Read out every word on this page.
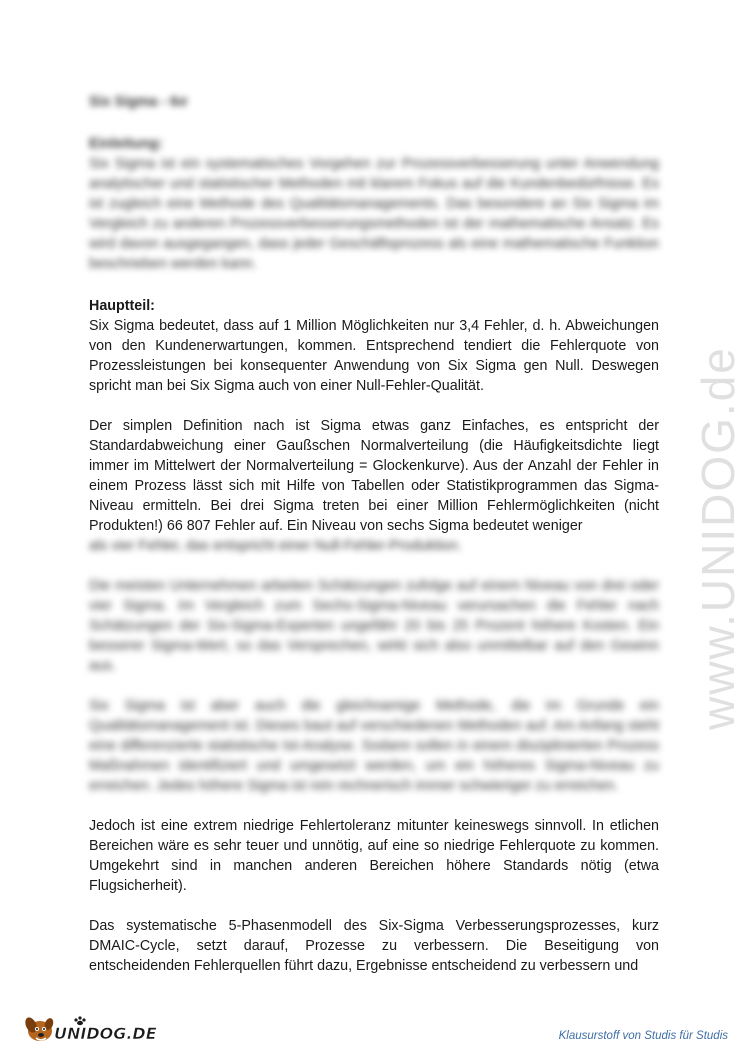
Six Sigma - 6σ

Einleitung:

Six Sigma ist ein systematisches Vorgehen zur Prozessverbesserung unter Anwendung analytischer und statistischer Methoden mit klarem Fokus auf die Kundenbedürfnisse. Es ist zugleich eine Methode des Qualitätsmanagements. Das besondere an Six Sigma im Vergleich zu anderen Prozessverbesserungsmethoden ist der mathematische Ansatz. Es wird davon ausgegangen, dass jeder Geschäftsprozess als eine mathematische Funktion beschrieben werden kann.

Hauptteil:

Six Sigma bedeutet, dass auf 1 Million Möglichkeiten nur 3,4 Fehler, d. h. Abweichungen von den Kundenerwartungen, kommen. Entsprechend tendiert die Fehlerquote von Prozessleistungen bei konsequenter Anwendung von Six Sigma gen Null. Deswegen spricht man bei Six Sigma auch von einer Null-Fehler-Qualität.

Der simplen Definition nach ist Sigma etwas ganz Einfaches, es entspricht der Standardabweichung einer Gaußschen Normalverteilung (die Häufigkeitsdichte liegt immer im Mittelwert der Normalverteilung = Glockenkurve). Aus der Anzahl der Fehler in einem Prozess lässt sich mit Hilfe von Tabellen oder Statistikprogrammen das Sigma-Niveau ermitteln. Bei drei Sigma treten bei einer Million Fehlermöglichkeiten (nicht Produkten!) 66 807 Fehler auf. Ein Niveau von sechs Sigma bedeutet weniger

als vier Fehler, das entspricht einer Null-Fehler-Produktion.

Die meisten Unternehmen arbeiten Schätzungen zufolge auf einem Niveau von drei oder vier Sigma. Im Vergleich zum Sechs-Sigma-Niveau verursachen die Fehler nach Schätzungen der Six-Sigma-Experten ungefähr 20 bis 25 Prozent höhere Kosten. Ein besserer Sigma-Wert, so das Versprechen, wirkt sich also unmittelbar auf den Gewinn aus.

Six Sigma ist aber auch die gleichnamige Methode, die im Grunde ein Qualitätsmanagement ist. Dieses baut auf verschiedenen Methoden auf. Am Anfang steht eine differenzierte statistische Ist-Analyse. Sodann sollen in einem disziplinierten Prozess Maßnahmen identifiziert und umgesetzt werden, um ein höheres Sigma-Niveau zu erreichen. Jedes höhere Sigma ist rein rechnerisch immer schwieriger zu erreichen.

Jedoch ist eine extrem niedrige Fehlertoleranz mitunter keineswegs sinnvoll. In etlichen Bereichen wäre es sehr teuer und unnötig, auf eine so niedrige Fehlerquote zu kommen. Umgekehrt sind in manchen anderen Bereichen höhere Standards nötig (etwa Flugsicherheit).

Das systematische 5-Phasenmodell des Six-Sigma Verbesserungsprozesses, kurz DMAIC-Cycle, setzt darauf, Prozesse zu verbessern. Die Beseitigung von entscheidenden Fehlerquellen führt dazu, Ergebnisse entscheidend zu verbessern und

www.UNIDOG.de
UNIDOG.DE	Klausurstoff von Studis für Studis
